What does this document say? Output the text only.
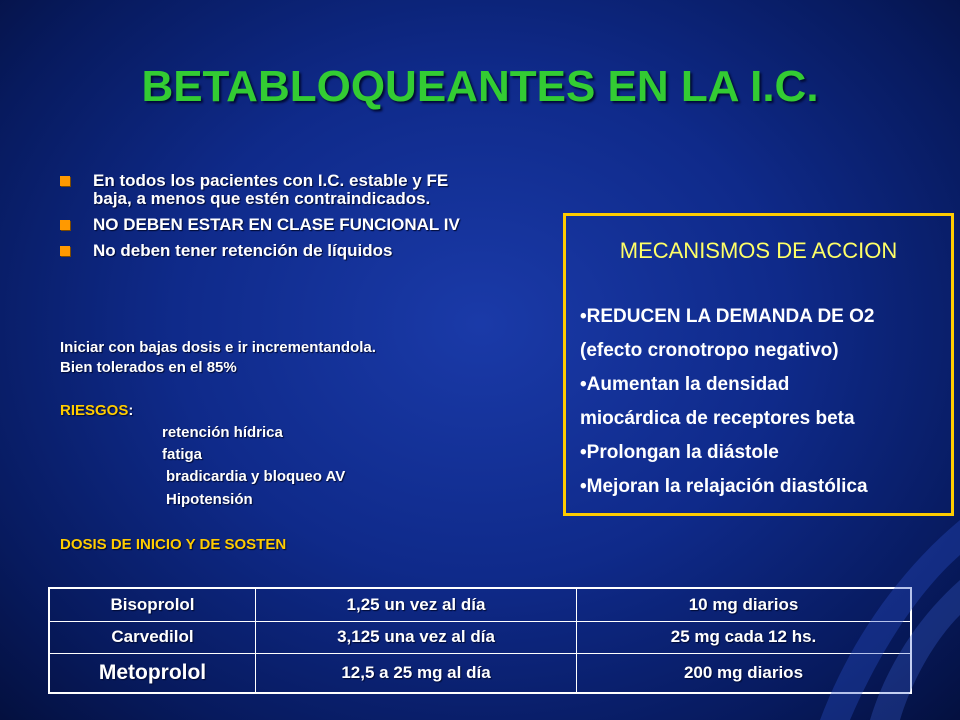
BETABLOQUEANTES EN LA I.C.
En todos los pacientes con I.C. estable y FE baja, a menos que estén contraindicados.
NO DEBEN ESTAR EN CLASE FUNCIONAL IV
No deben tener retención de líquidos
Iniciar con bajas dosis e ir incrementandola.
Bien tolerados en el 85%
RIESGOS:
retención hídrica
fatiga
bradicardia y bloqueo AV
Hipotensión
DOSIS DE INICIO Y DE SOSTEN
MECANISMOS DE ACCION
•REDUCEN LA DEMANDA DE O2
(efecto cronotropo negativo)
•Aumentan la densidad
miocárdica de receptores beta
•Prolongan la diástole
•Mejoran la relajación diastólica
Bisoprolol	1,25 un vez al día	10 mg diarios
Carvedilol	3,125 una vez al día	25 mg cada 12 hs.
Metoprolol	12,5 a 25 mg al día	200 mg diarios
